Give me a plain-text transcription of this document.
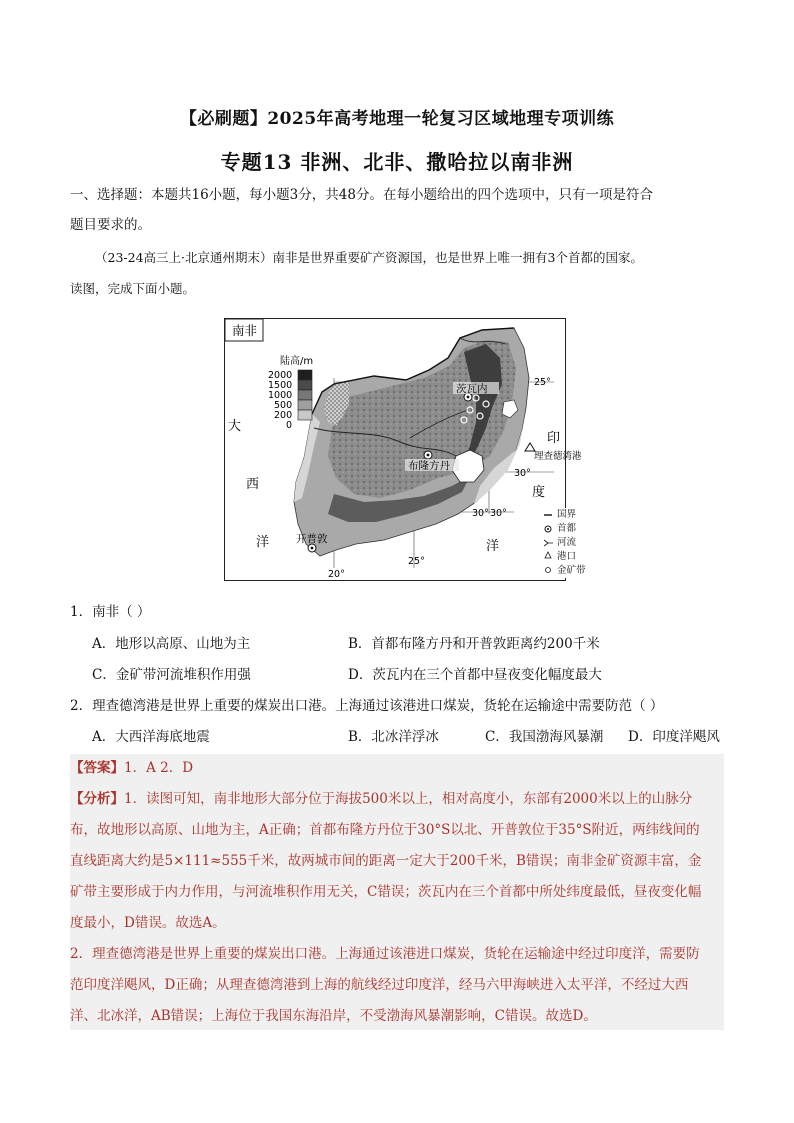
【必刷题】2025年高考地理一轮复习区域地理专项训练
专题13 非洲、北非、撒哈拉以南非洲
一、选择题：本题共16小题，每小题3分，共48分。在每小题给出的四个选项中，只有一项是符合
题目要求的。
（23-24高三上·北京通州期末）南非是世界重要矿产资源国，也是世界上唯一拥有3个首都的国家。
读图，完成下面小题。
南非
陆高/m
2000
1500
1000
500
200
0
大
西
洋
印
度
洋
茨瓦内
布隆方丹
开普敦
理查德湾港
25°
30°
30°
20°
25°
30°	国界
首都
河流
港口
金矿带
1．南非（ ）
A．地形以高原、山地为主	B．首都布隆方丹和开普敦距离约200千米
C．金矿带河流堆积作用强	D．茨瓦内在三个首都中昼夜变化幅度最大
2．理查德湾港是世界上重要的煤炭出口港。上海通过该港进口煤炭，货轮在运输途中需要防范（ ）
A．大西洋海底地震	B．北冰洋浮冰	C．我国渤海风暴潮 D．印度洋飓风
【答案】1．A 2．D
【分析】1．读图可知，南非地形大部分位于海拔500米以上，相对高度小，东部有2000米以上的山脉分
布，故地形以高原、山地为主，A正确；首都布隆方丹位于30°S以北、开普敦位于35°S附近，两纬线间的
直线距离大约是5×111≈555千米，故两城市间的距离一定大于200千米，B错误；南非金矿资源丰富，金
矿带主要形成于内力作用，与河流堆积作用无关，C错误；茨瓦内在三个首都中所处纬度最低，昼夜变化幅
度最小，D错误。故选A。
2．理查德湾港是世界上重要的煤炭出口港。上海通过该港进口煤炭，货轮在运输途中经过印度洋，需要防
范印度洋飓风，D正确；从理查德湾港到上海的航线经过印度洋，经马六甲海峡进入太平洋，不经过大西
洋、北冰洋，AB错误；上海位于我国东海沿岸，不受渤海风暴潮影响，C错误。故选D。
